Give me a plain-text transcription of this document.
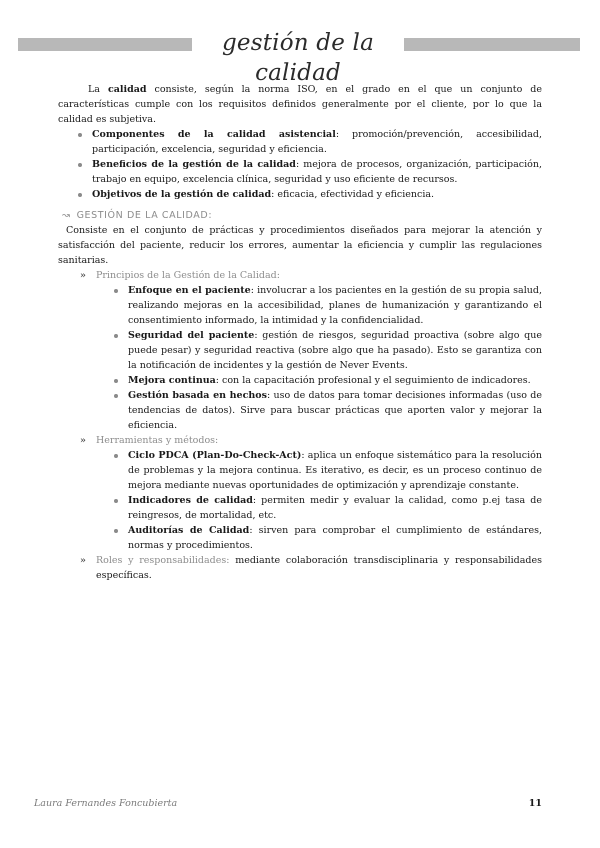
gestión de la calidad

La calidad consiste, según la norma ISO, en el grado en el que un conjunto de características cumple con los requisitos definidos generalmente por el cliente, por lo que la calidad es subjetiva.

Componentes de la calidad asistencial: promoción/prevención, accesibilidad, participación, excelencia, seguridad y eficiencia.
Beneficios de la gestión de la calidad: mejora de procesos, organización, participación, trabajo en equipo, excelencia clínica, seguridad y uso eficiente de recursos.
Objetivos de la gestión de calidad: eficacia, efectividad y eficiencia.
↝ GESTIÓN DE LA CALIDAD:

Consiste en el conjunto de prácticas y procedimientos diseñados para mejorar la atención y satisfacción del paciente, reducir los errores, aumentar la eficiencia y cumplir las regulaciones sanitarias.

» Principios de la Gestión de la Calidad:
Enfoque en el paciente: involucrar a los pacientes en la gestión de su propia salud, realizando mejoras en la accesibilidad, planes de humanización y garantizando el consentimiento informado, la intimidad y la confidencialidad.
Seguridad del paciente: gestión de riesgos, seguridad proactiva (sobre algo que puede pesar) y seguridad reactiva (sobre algo que ha pasado). Esto se garantiza con la notificación de incidentes y la gestión de Never Events.
Mejora continua: con la capacitación profesional y el seguimiento de indicadores.
Gestión basada en hechos: uso de datos para tomar decisiones informadas (uso de tendencias de datos). Sirve para buscar prácticas que aporten valor y mejorar la eficiencia.
» Herramientas y métodos:
Ciclo PDCA (Plan-Do-Check-Act): aplica un enfoque sistemático para la resolución de problemas y la mejora continua. Es iterativo, es decir, es un proceso continuo de mejora mediante nuevas oportunidades de optimización y aprendizaje constante.
Indicadores de calidad: permiten medir y evaluar la calidad, como p.ej tasa de reingresos, de mortalidad, etc.
Auditorías de Calidad: sirven para comprobar el cumplimiento de estándares, normas y procedimientos.
» Roles y responsabilidades: mediante colaboración transdisciplinaria y responsabilidades específicas.
Laura Fernandes Foncubierta	11
